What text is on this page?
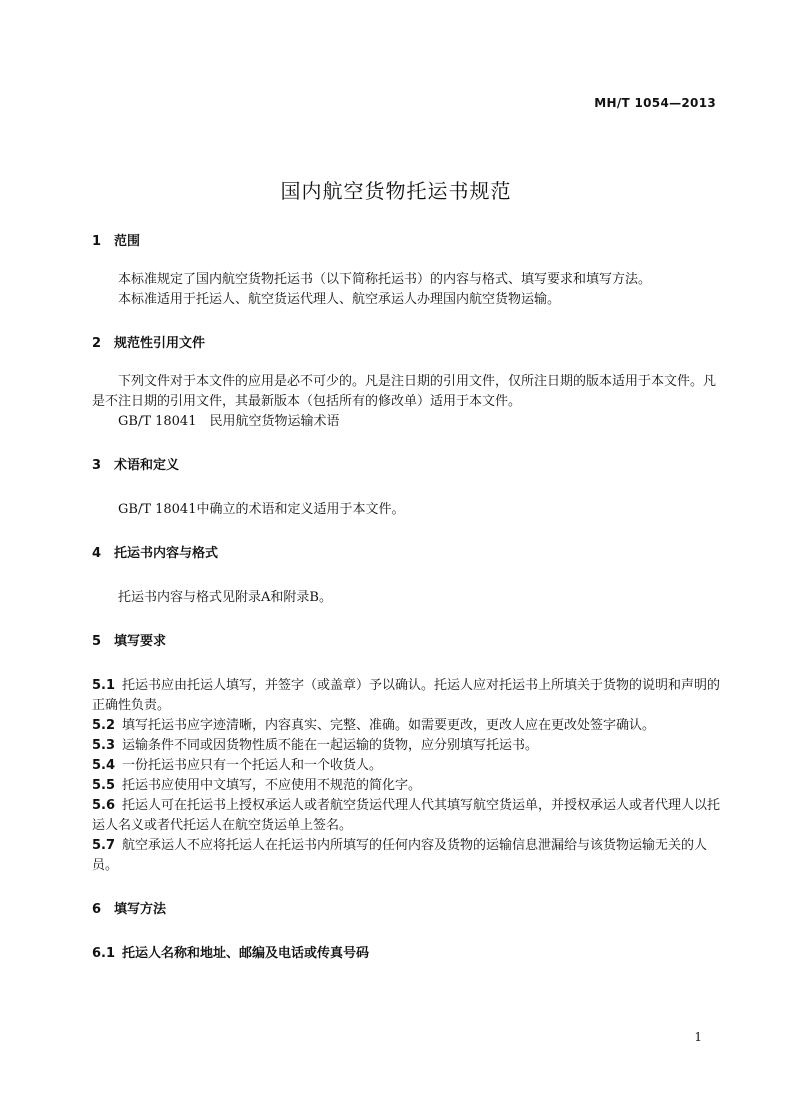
MH/T 1054—2013
国内航空货物托运书规范
1 范围

本标准规定了国内航空货物托运书（以下简称托运书）的内容与格式、填写要求和填写方法。

本标准适用于托运人、航空货运代理人、航空承运人办理国内航空货物运输。

2 规范性引用文件

下列文件对于本文件的应用是必不可少的。凡是注日期的引用文件，仅所注日期的版本适用于本文件。凡是不注日期的引用文件，其最新版本（包括所有的修改单）适用于本文件。

GB/T 18041　民用航空货物运输术语

3 术语和定义

GB/T 18041中确立的术语和定义适用于本文件。

4 托运书内容与格式

托运书内容与格式见附录A和附录B。

5 填写要求

5.1 托运书应由托运人填写，并签字（或盖章）予以确认。托运人应对托运书上所填关于货物的说明和声明的正确性负责。

5.2 填写托运书应字迹清晰，内容真实、完整、准确。如需要更改，更改人应在更改处签字确认。

5.3 运输条件不同或因货物性质不能在一起运输的货物，应分别填写托运书。

5.4 一份托运书应只有一个托运人和一个收货人。

5.5 托运书应使用中文填写，不应使用不规范的简化字。

5.6 托运人可在托运书上授权承运人或者航空货运代理人代其填写航空货运单，并授权承运人或者代理人以托运人名义或者代托运人在航空货运单上签名。

5.7 航空承运人不应将托运人在托运书内所填写的任何内容及货物的运输信息泄漏给与该货物运输无关的人员。

6 填写方法
6.1 托运人名称和地址、邮编及电话或传真号码
1
